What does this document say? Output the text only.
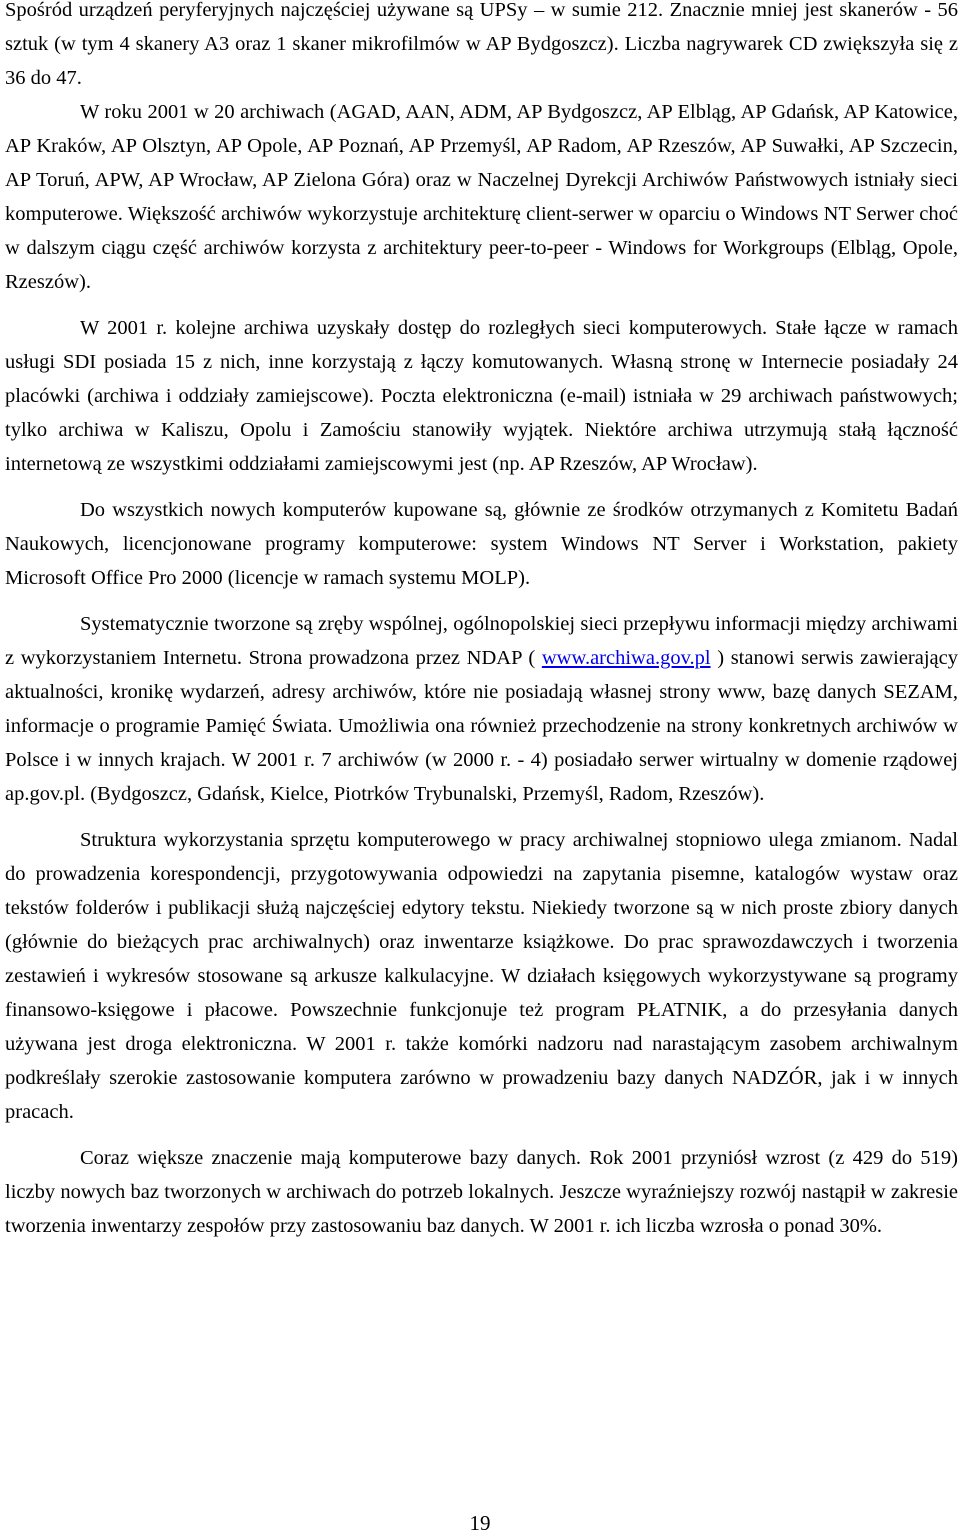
Spośród urządzeń peryferyjnych najczęściej używane są UPSy – w sumie 212. Znacznie mniej jest skanerów - 56 sztuk (w tym 4 skanery A3 oraz 1 skaner mikrofilmów w AP Bydgoszcz). Liczba nagrywarek CD zwiększyła się z 36 do 47.

W roku 2001 w 20 archiwach (AGAD, AAN, ADM, AP Bydgoszcz, AP Elbląg, AP Gdańsk, AP Katowice, AP Kraków, AP Olsztyn, AP Opole, AP Poznań, AP Przemyśl, AP Radom, AP Rzeszów, AP Suwałki, AP Szczecin, AP Toruń, APW, AP Wrocław, AP Zielona Góra) oraz w Naczelnej Dyrekcji Archiwów Państwowych istniały sieci komputerowe. Większość archiwów wykorzystuje architekturę client-serwer w oparciu o Windows NT Serwer choć w dalszym ciągu część archiwów korzysta z architektury peer-to-peer - Windows for Workgroups (Elbląg, Opole, Rzeszów).

W 2001 r. kolejne archiwa uzyskały dostęp do rozległych sieci komputerowych. Stałe łącze w ramach usługi SDI posiada 15 z nich, inne korzystają z łączy komutowanych. Własną stronę w Internecie posiadały 24 placówki (archiwa i oddziały zamiejscowe). Poczta elektroniczna (e-mail) istniała w 29 archiwach państwowych; tylko archiwa w Kaliszu, Opolu i Zamościu stanowiły wyjątek. Niektóre archiwa utrzymują stałą łączność internetową ze wszystkimi oddziałami zamiejscowymi jest (np. AP Rzeszów, AP Wrocław).

Do wszystkich nowych komputerów kupowane są, głównie ze środków otrzymanych z Komitetu Badań Naukowych, licencjonowane programy komputerowe: system Windows NT Server i Workstation, pakiety Microsoft Office Pro 2000 (licencje w ramach systemu MOLP).

Systematycznie tworzone są zręby wspólnej, ogólnopolskiej sieci przepływu informacji między archiwami z wykorzystaniem Internetu. Strona prowadzona przez NDAP ( www.archiwa.gov.pl ) stanowi serwis zawierający aktualności, kronikę wydarzeń, adresy archiwów, które nie posiadają własnej strony www, bazę danych SEZAM, informacje o programie Pamięć Świata. Umożliwia ona również przechodzenie na strony konkretnych archiwów w Polsce i w innych krajach. W 2001 r. 7 archiwów (w 2000 r. - 4) posiadało serwer wirtualny w domenie rządowej ap.gov.pl. (Bydgoszcz, Gdańsk, Kielce, Piotrków Trybunalski, Przemyśl, Radom, Rzeszów).

Struktura wykorzystania sprzętu komputerowego w pracy archiwalnej stopniowo ulega zmianom. Nadal do prowadzenia korespondencji, przygotowywania odpowiedzi na zapytania pisemne, katalogów wystaw oraz tekstów folderów i publikacji służą najczęściej edytory tekstu. Niekiedy tworzone są w nich proste zbiory danych (głównie do bieżących prac archiwalnych) oraz inwentarze książkowe. Do prac sprawozdawczych i tworzenia zestawień i wykresów stosowane są arkusze kalkulacyjne. W działach księgowych wykorzystywane są programy finansowo-księgowe i płacowe. Powszechnie funkcjonuje też program PŁATNIK, a do przesyłania danych używana jest droga elektroniczna. W 2001 r. także komórki nadzoru nad narastającym zasobem archiwalnym podkreślały szerokie zastosowanie komputera zarówno w prowadzeniu bazy danych NADZÓR, jak i w innych pracach.

Coraz większe znaczenie mają komputerowe bazy danych. Rok 2001 przyniósł wzrost (z 429 do 519) liczby nowych baz tworzonych w archiwach do potrzeb lokalnych. Jeszcze wyraźniejszy rozwój nastąpił w zakresie tworzenia inwentarzy zespołów przy zastosowaniu baz danych. W 2001 r. ich liczba wzrosła o ponad 30%.

19
